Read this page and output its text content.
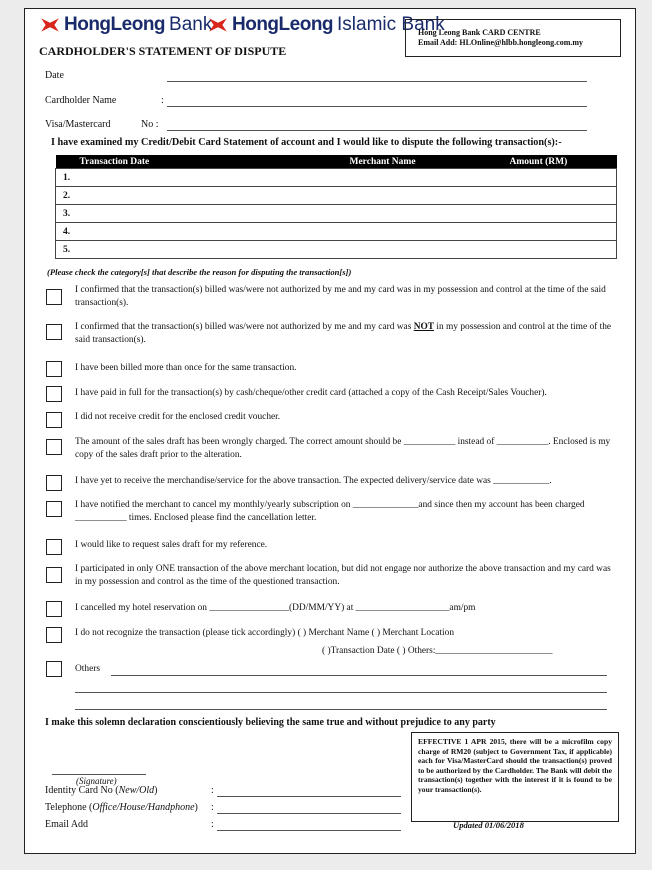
HongLeong Bank HongLeong Islamic Bank
Hong Leong Bank CARD CENTRE
Email Add: HLOnline@hlbb.hongleong.com.my
CARDHOLDER'S STATEMENT OF DISPUTE
Date
Cardholder Name	:
Visa/Mastercard	No :
I have examined my Credit/Debit Card Statement of account and I would like to dispute the following transaction(s):-
Transaction Date	Merchant Name	Amount (RM)
1.
2.
3.
4.
5.
(Please check the category[s] that describe the reason for disputing the transaction[s])
I confirmed that the transaction(s) billed was/were not authorized by me and my card was in my possession and control at the time of the said transaction(s).
I confirmed that the transaction(s) billed was/were not authorized by me and my card was NOT in my possession and control at the time of the said transaction(s).
I have been billed more than once for the same transaction.
I have paid in full for the transaction(s) by cash/cheque/other credit card (attached a copy of the Cash Receipt/Sales Voucher).
I did not receive credit for the enclosed credit voucher.
The amount of the sales draft has been wrongly charged. The correct amount should be ___________ instead of ___________. Enclosed is my copy of the sales draft prior to the alteration.
I have yet to receive the merchandise/service for the above transaction. The expected delivery/service date was ____________.
I have notified the merchant to cancel my monthly/yearly subscription on ______________and since then my account has been charged ___________ times. Enclosed please find the cancellation letter.
I would like to request sales draft for my reference.
I participated in only ONE transaction of the above merchant location, but did not engage nor authorize the above transaction and my card was in my possession and control as the time of the questioned transaction.
I cancelled my hotel reservation on _________________(DD/MM/YY) at ____________________am/pm
I do not recognize the transaction (please tick accordingly) ( ) Merchant Name ( ) Merchant Location
( )Transaction Date ( ) Others:_________________________
Others
I make this solemn declaration conscientiously believing the same true and without prejudice to any party
EFFECTIVE 1 APR 2015, there will be a microfilm copy charge of RM20 (subject to Government Tax, if applicable) each for Visa/MasterCard should the transaction(s) proved to be authorized by the Cardholder. The Bank will debit the transaction(s) together with the interest if it is found to be your transaction(s).
(Signature)
Identity Card No (New/Old)	:
Telephone (Office/House/Handphone) :
Email Add	:	Updated 01/06/2018
